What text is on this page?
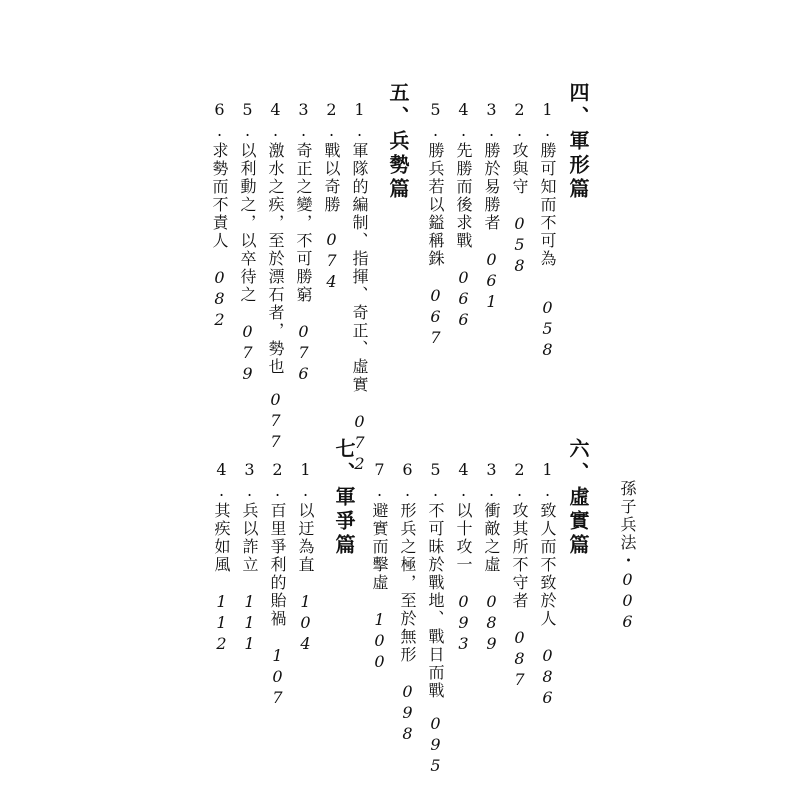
孫子兵法・006
四、軍形篇
1.勝可知而不可為058
2.攻與守058
3.勝於易勝者061
4.先勝而後求戰066
5.勝兵若以鎰稱銖067
五、兵勢篇
1.軍隊的編制、指揮、奇正、虛實072
2.戰以奇勝074
3.奇正之變，不可勝窮076
4.激水之疾，至於漂石者，勢也077
5.以利動之，以卒待之079
6.求勢而不責人082
六、虛實篇
1.致人而不致於人086
2.攻其所不守者087
3.衝敵之虛089
4.以十攻一093
5.不可昧於戰地、戰日而戰095
6.形兵之極，至於無形098
7.避實而擊虛100
七、軍爭篇
1.以迂為直104
2.百里爭利的貽禍107
3.兵以詐立111
4.其疾如風112
